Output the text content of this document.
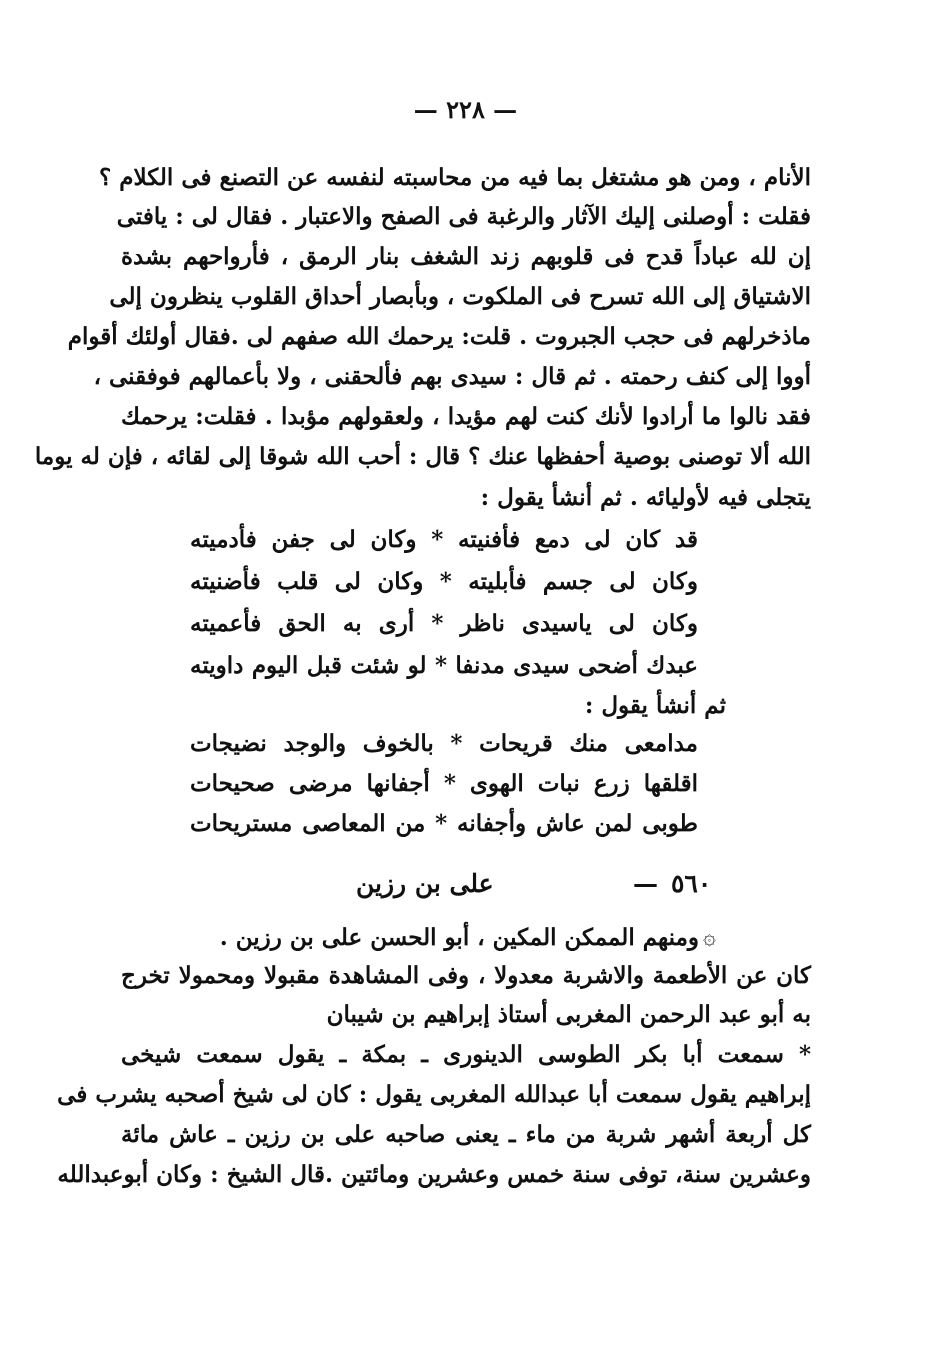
— ٢٢٨ —
الأنام ، ومن هو مشتغل بما فيه من محاسبته لنفسه عن التصنع فى الكلام ؟
فقلت : أوصلنى إليك الآثار والرغبة فى الصفح والاعتبار . فقال لى : يافتى
إن لله عباداً قدح فى قلوبهم زند الشغف بنار الرمق ، فأرواحهم بشدة
الاشتياق إلى الله تسرح فى الملكوت ، وبأبصار أحداق القلوب ينظرون إلى
ماذخرلهم فى حجب الجبروت . قلت: يرحمك الله صفهم لى .فقال أولئك أقوام
أووا إلى كنف رحمته . ثم قال : سيدى بهم فألحقنى ، ولا بأعمالهم فوفقنى ،
فقد نالوا ما أرادوا لأنك كنت لهم مؤيدا ، ولعقولهم مؤبدا . فقلت: يرحمك
الله ألا توصنى بوصية أحفظها عنك ؟ قال : أحب الله شوقا إلى لقائه ، فإن له يوما
يتجلى فيه لأوليائه . ثم أنشأ يقول :
قد كان لى دمع فأفنيته * وكان لى جفن فأدميته
وكان لى جسم فأبليته * وكان لى قلب فأضنيته
وكان لى ياسيدى ناظر * أرى به الحق فأعميته
عبدك أضحى سيدى مدنفا * لو شئت قبل اليوم داويته
ثم أنشأ يقول :
مدامعى منك قريحات * بالخوف والوجد نضيجات
اقلقها زرع نبات الهوى * أجفانها مرضى صحيحات
طوبى لمن عاش وأجفانه * من المعاصى مستريحات
على بن رزين	— ٥٦٠
۞
ومنهم الممكن المكين ، أبو الحسن على بن رزين .
كان عن الأطعمة والاشربة معدولا ، وفى المشاهدة مقبولا ومحمولا تخرج
به أبو عبد الرحمن المغربى أستاذ إبراهيم بن شيبان
* سمعت أبا بكر الطوسى الدينورى ـ بمكة ـ يقول سمعت شيخى
إبراهيم يقول سمعت أبا عبدالله المغربى يقول : كان لى شيخ أصحبه يشرب فى
كل أربعة أشهر شربة من ماء ـ يعنى صاحبه على بن رزين ـ عاش مائة
وعشرين سنة، توفى سنة خمس وعشرين ومائتين .قال الشيخ : وكان أبوعبدالله
